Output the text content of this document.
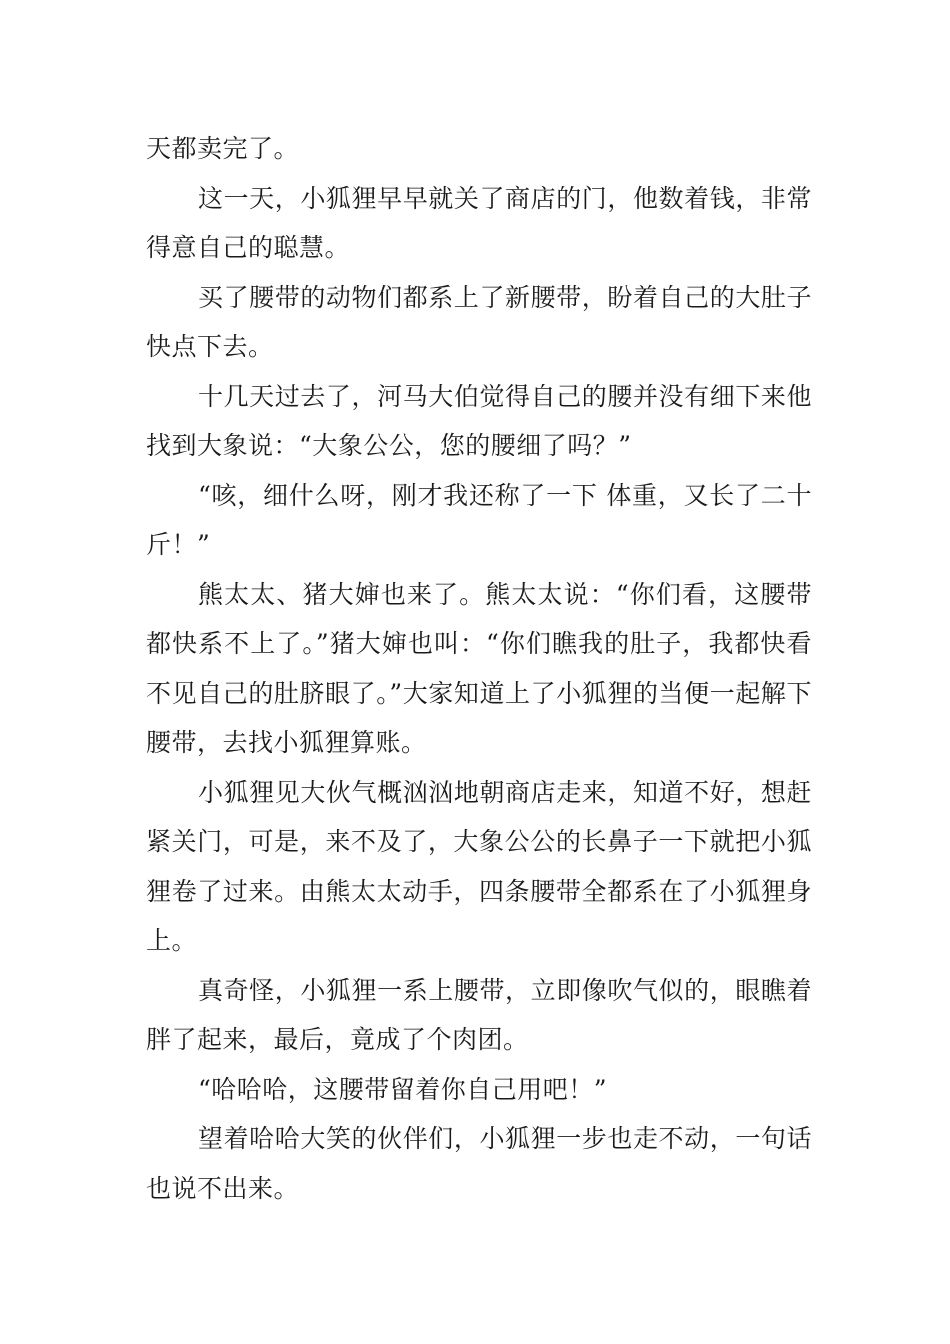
天都卖完了。

这一天，小狐狸早早就关了商店的门，他数着钱，非常得意自己的聪慧。

买了腰带的动物们都系上了新腰带，盼着自己的大肚子快点下去。

十几天过去了，河马大伯觉得自己的腰并没有细下来他找到大象说：“大象公公，您的腰细了吗？”

“咳，细什么呀，刚才我还称了一下 体重，又长了二十斤！”

熊太太、猪大婶也来了。熊太太说：“你们看，这腰带都快系不上了。”猪大婶也叫：“你们瞧我的肚子，我都快看不见自己的肚脐眼了。”大家知道上了小狐狸的当便一起解下腰带，去找小狐狸算账。

小狐狸见大伙气概汹汹地朝商店走来，知道不好，想赶紧关门，可是，来不及了，大象公公的长鼻子一下就把小狐狸卷了过来。由熊太太动手，四条腰带全都系在了小狐狸身上。

真奇怪，小狐狸一系上腰带，立即像吹气似的，眼瞧着胖了起来，最后，竟成了个肉团。

“哈哈哈，这腰带留着你自己用吧！”

望着哈哈大笑的伙伴们，小狐狸一步也走不动，一句话也说不出来。
